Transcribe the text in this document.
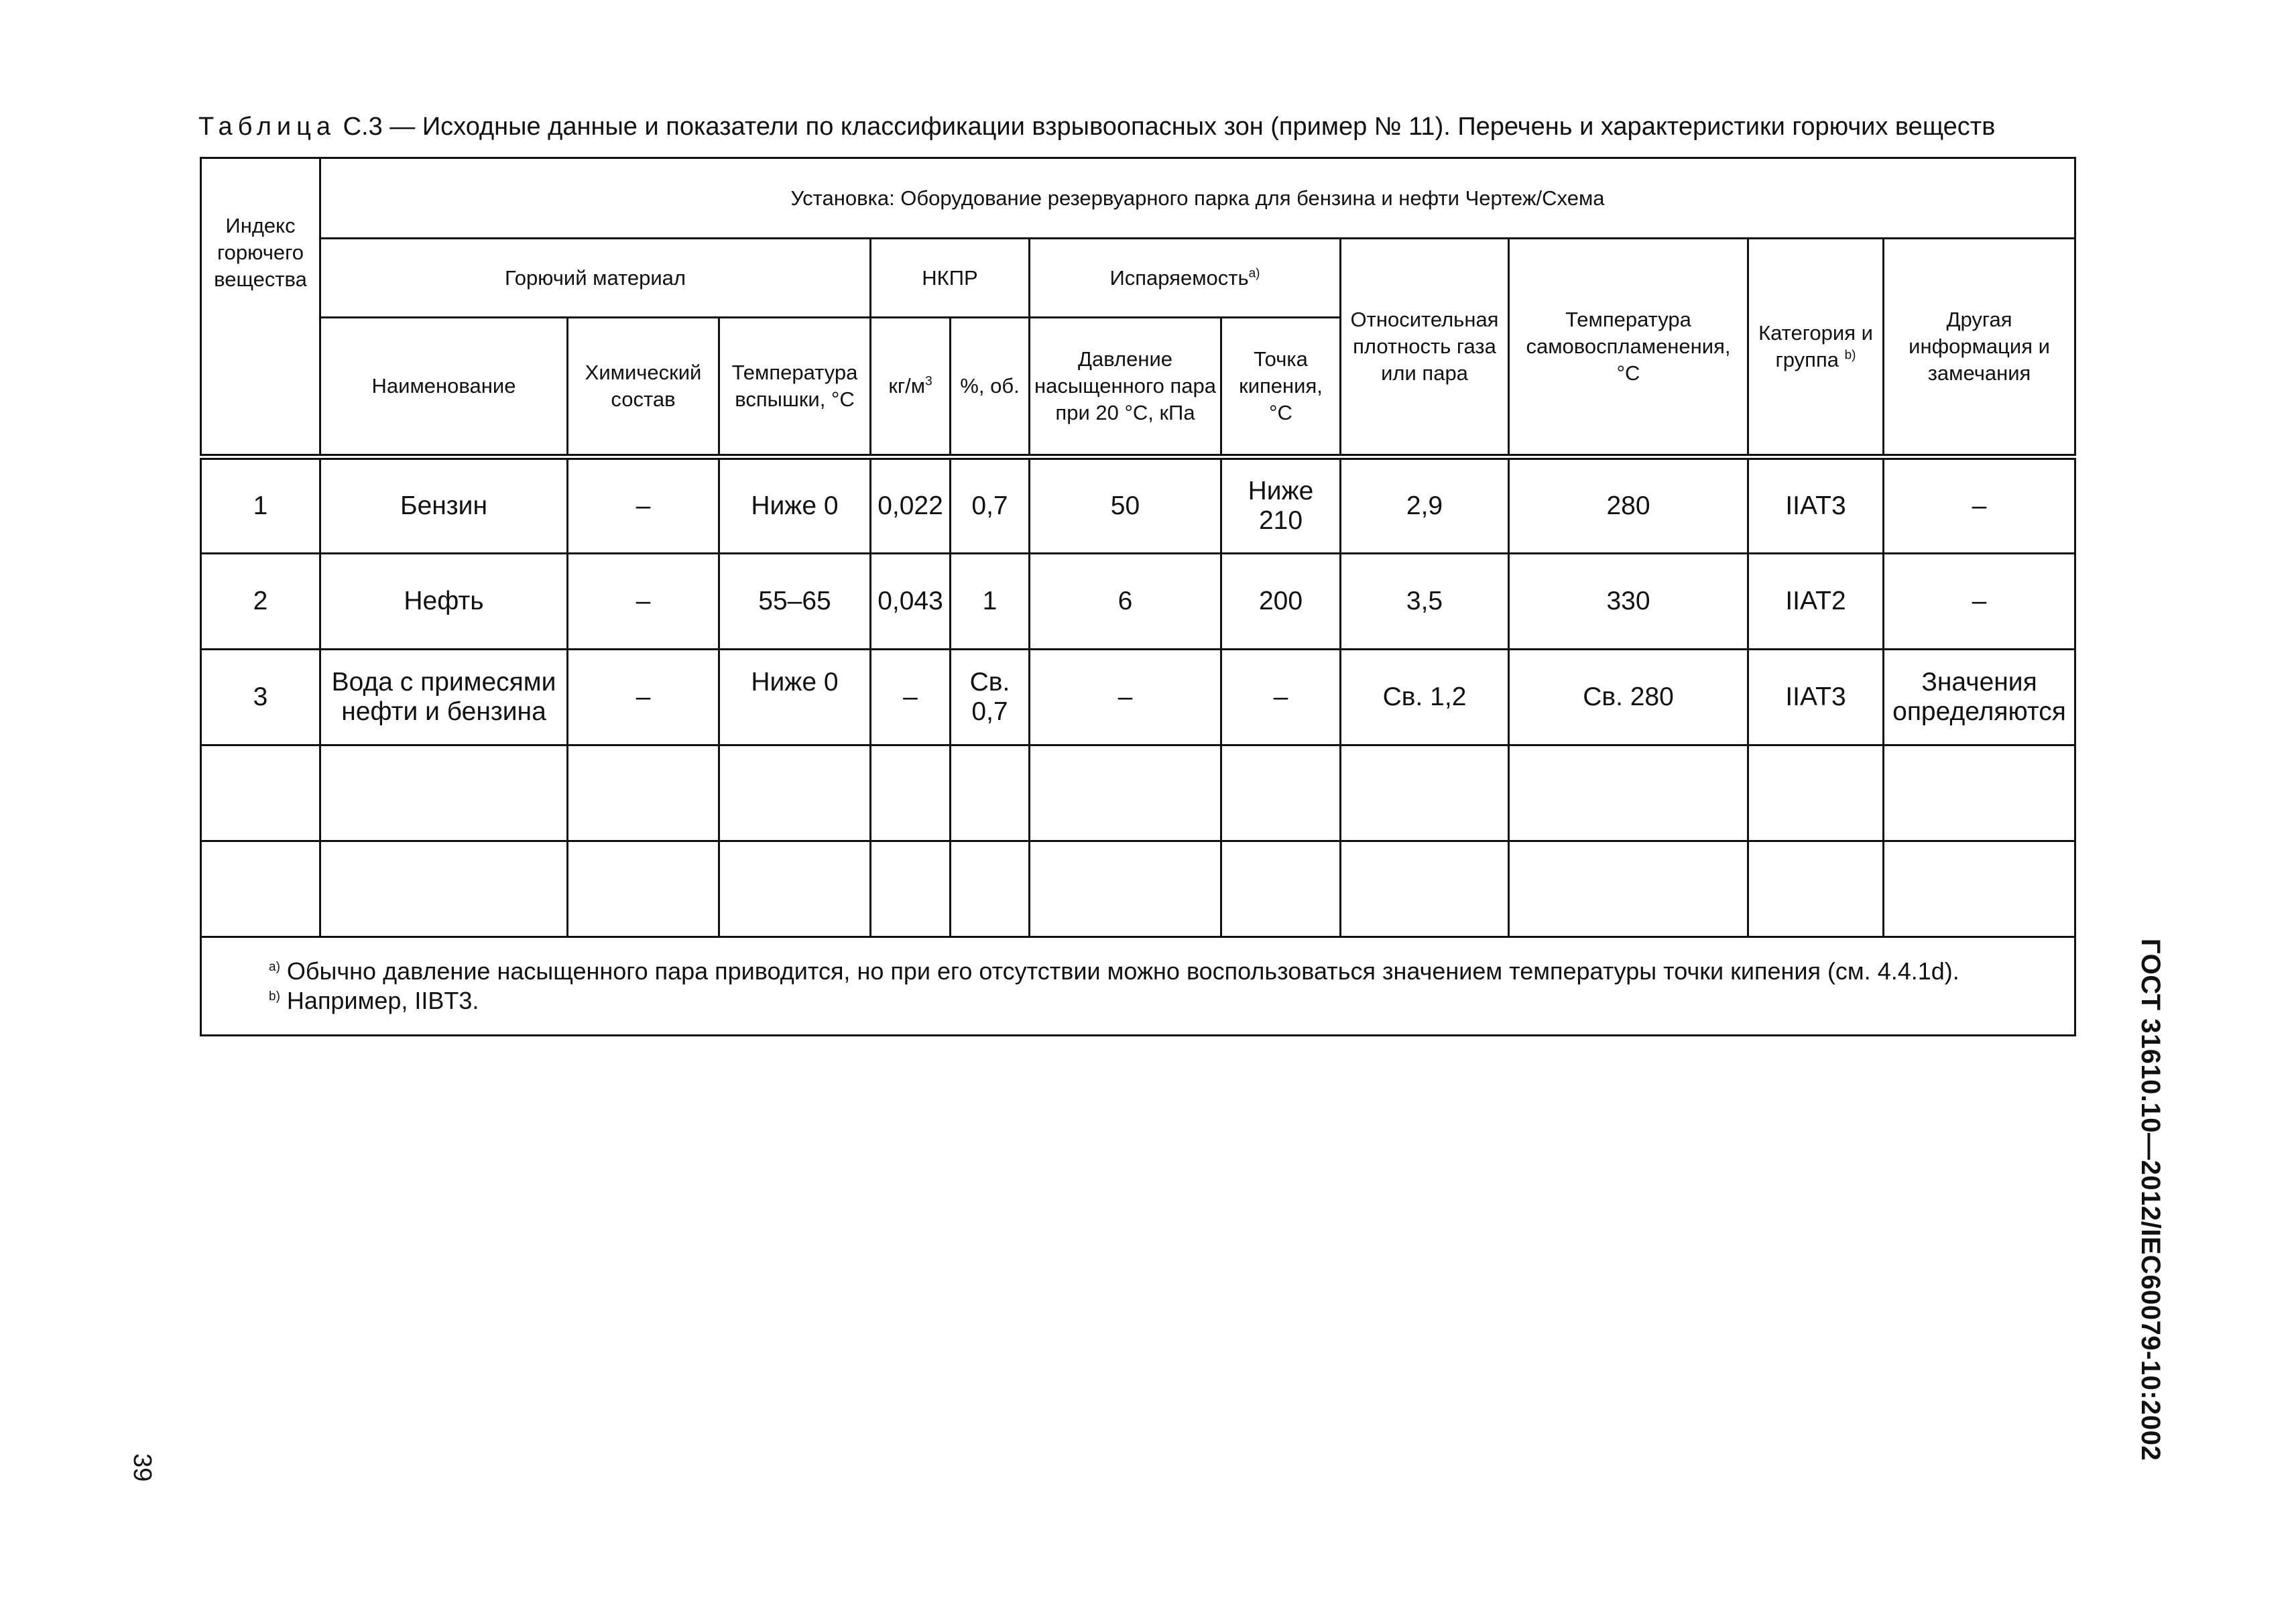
Таблица С.3 — Исходные данные и показатели по классификации взрывоопасных зон (пример № 11). Перечень и характеристики горючих веществ
Индекс горючего вещества	Установка: Оборудование резервуарного парка для бензина и нефти Чертеж/Схема										
	Горючий материал			НКПР		Испаряемость$^{a)}$		Относительная плотность газа или пара	Температура самовоспламенения, °С	Категория и группа $^{b)}$	Другая информация и замечания
	Наименование	Химический состав	Температура вспышки, °С	$кг/м^3$	%, об.	Давление насыщенного пара при 20 °С, кПа	Точка кипения, °С				
1	Бензин	–	Ниже 0	0,022	0,7	50	Ниже 210	2,9	280	IIAT3	–
2	Нефть	–	55–65	0,043	1	6	200	3,5	330	IIAT2	–
3	Вода с примесями нефти и бензина	–	Ниже 0	–	Св. 0,7	–	–	Св. 1,2	Св. 280	IIAT3	Значения определяются

$^{a)}$ Обычно давление насыщенного пара приводится, но при его отсутствии можно воспользоваться значением температуры точки кипения (см. 4.4.1d).
$^{b)}$ Например, IIBT3.												ГОСТ 31610.10—2012/IEC60079-10:2002
39
